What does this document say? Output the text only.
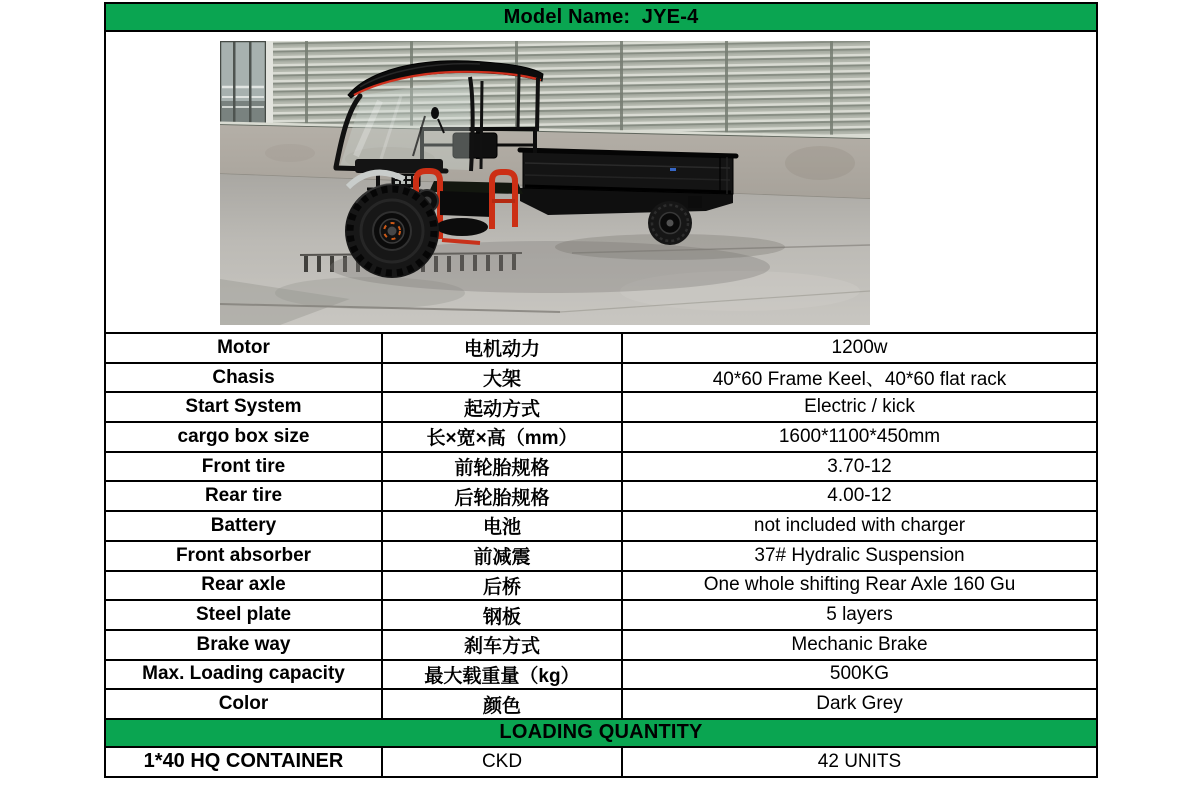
Model Name:  JYE-4		

Motor	电机动力	1200w
Chasis	大架	40*60 Frame Keel、40*60 flat rack
Start System	起动方式	Electric / kick
cargo box size	长×宽×高（mm）	1600*1100*450mm
Front tire	前轮胎规格	3.70-12
Rear tire	后轮胎规格	4.00-12
Battery	电池	not included with charger
Front absorber	前减震	37# Hydralic Suspension
Rear axle	后桥	One whole shifting Rear Axle 160 Gu
Steel plate	钢板	5 layers
Brake way	刹车方式	Mechanic Brake
Max. Loading capacity	最大载重量（kg）	500KG
Color	颜色	Dark Grey
LOADING QUANTITY		
1*40 HQ CONTAINER	CKD	42 UNITS
